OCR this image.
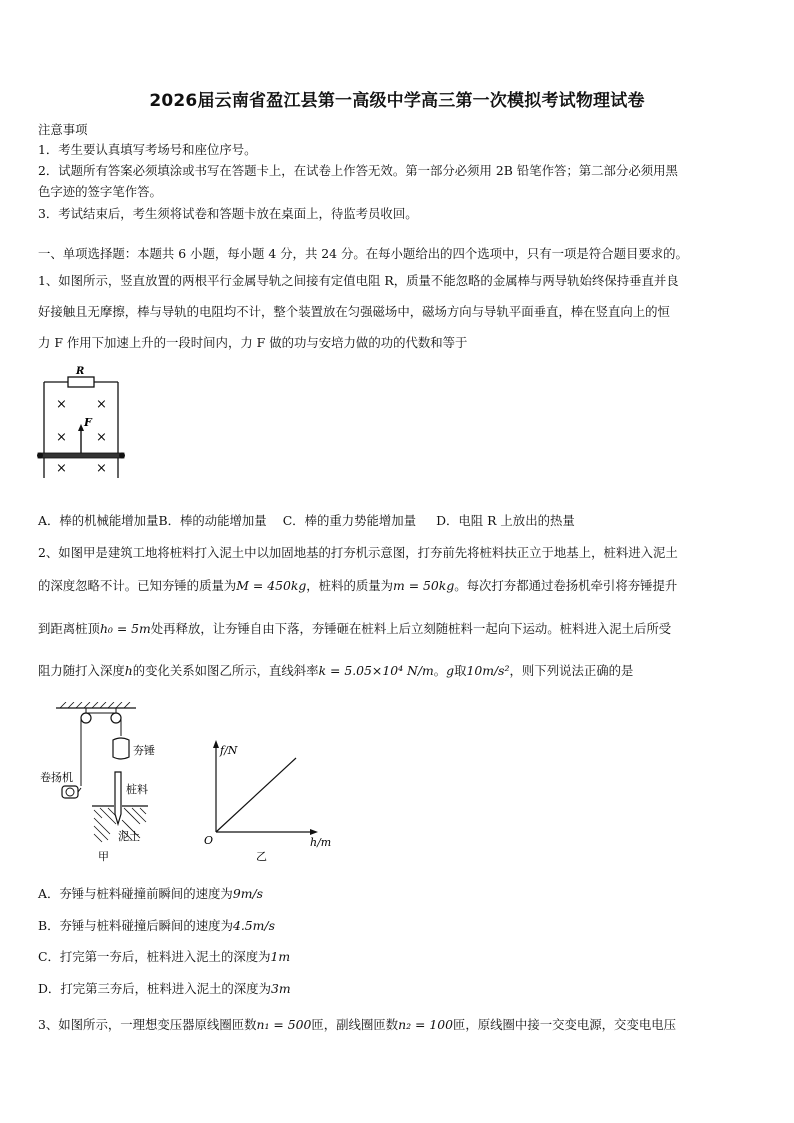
2026届云南省盈江县第一高级中学高三第一次模拟考试物理试卷
注意事项
1．考生要认真填写考场号和座位序号。
2．试题所有答案必须填涂或书写在答题卡上，在试卷上作答无效。第一部分必须用 2B 铅笔作答；第二部分必须用黑
色字迹的签字笔作答。
3．考试结束后，考生须将试卷和答题卡放在桌面上，待监考员收回。
一、单项选择题：本题共 6 小题，每小题 4 分，共 24 分。在每小题给出的四个选项中，只有一项是符合题目要求的。
1、如图所示，竖直放置的两根平行金属导轨之间接有定值电阻 R，质量不能忽略的金属棒与两导轨始终保持垂直并良
好接触且无摩擦，棒与导轨的电阻均不计，整个装置放在匀强磁场中，磁场方向与导轨平面垂直，棒在竖直向上的恒
力 F 作用下加速上升的一段时间内，力 F 做的功与安培力做的功的代数和等于
R
× ×
× ×
× ×
F
A．棒的机械能增加量B．棒的动能增加量 C．棒的重力势能增加量 D．电阻 R 上放出的热量
2、如图甲是建筑工地将桩料打入泥土中以加固地基的打夯机示意图，打夯前先将桩料扶正立于地基上，桩料进入泥土
的深度忽略不计。已知夯锤的质量为M = 450kg，桩料的质量为m = 50kg。每次打夯都通过卷扬机牵引将夯锤提升
到距离桩顶h₀ = 5m处再释放，让夯锤自由下落，夯锤砸在桩料上后立刻随桩料一起向下运动。桩料进入泥土后所受
阻力随打入深度h的变化关系如图乙所示，直线斜率k = 5.05×10⁴ N/m。g取10m/s²，则下列说法正确的是
夯锤
卷扬机
桩料
泥土
甲
f/N
h/m
O
乙
A．夯锤与桩料碰撞前瞬间的速度为9m/s
B．夯锤与桩料碰撞后瞬间的速度为4.5m/s
C．打完第一夯后，桩料进入泥土的深度为1m
D．打完第三夯后，桩料进入泥土的深度为3m
3、如图所示，一理想变压器原线圈匝数n₁ = 500匝，副线圈匝数n₂ = 100匝，原线圈中接一交变电源，交变电电压
